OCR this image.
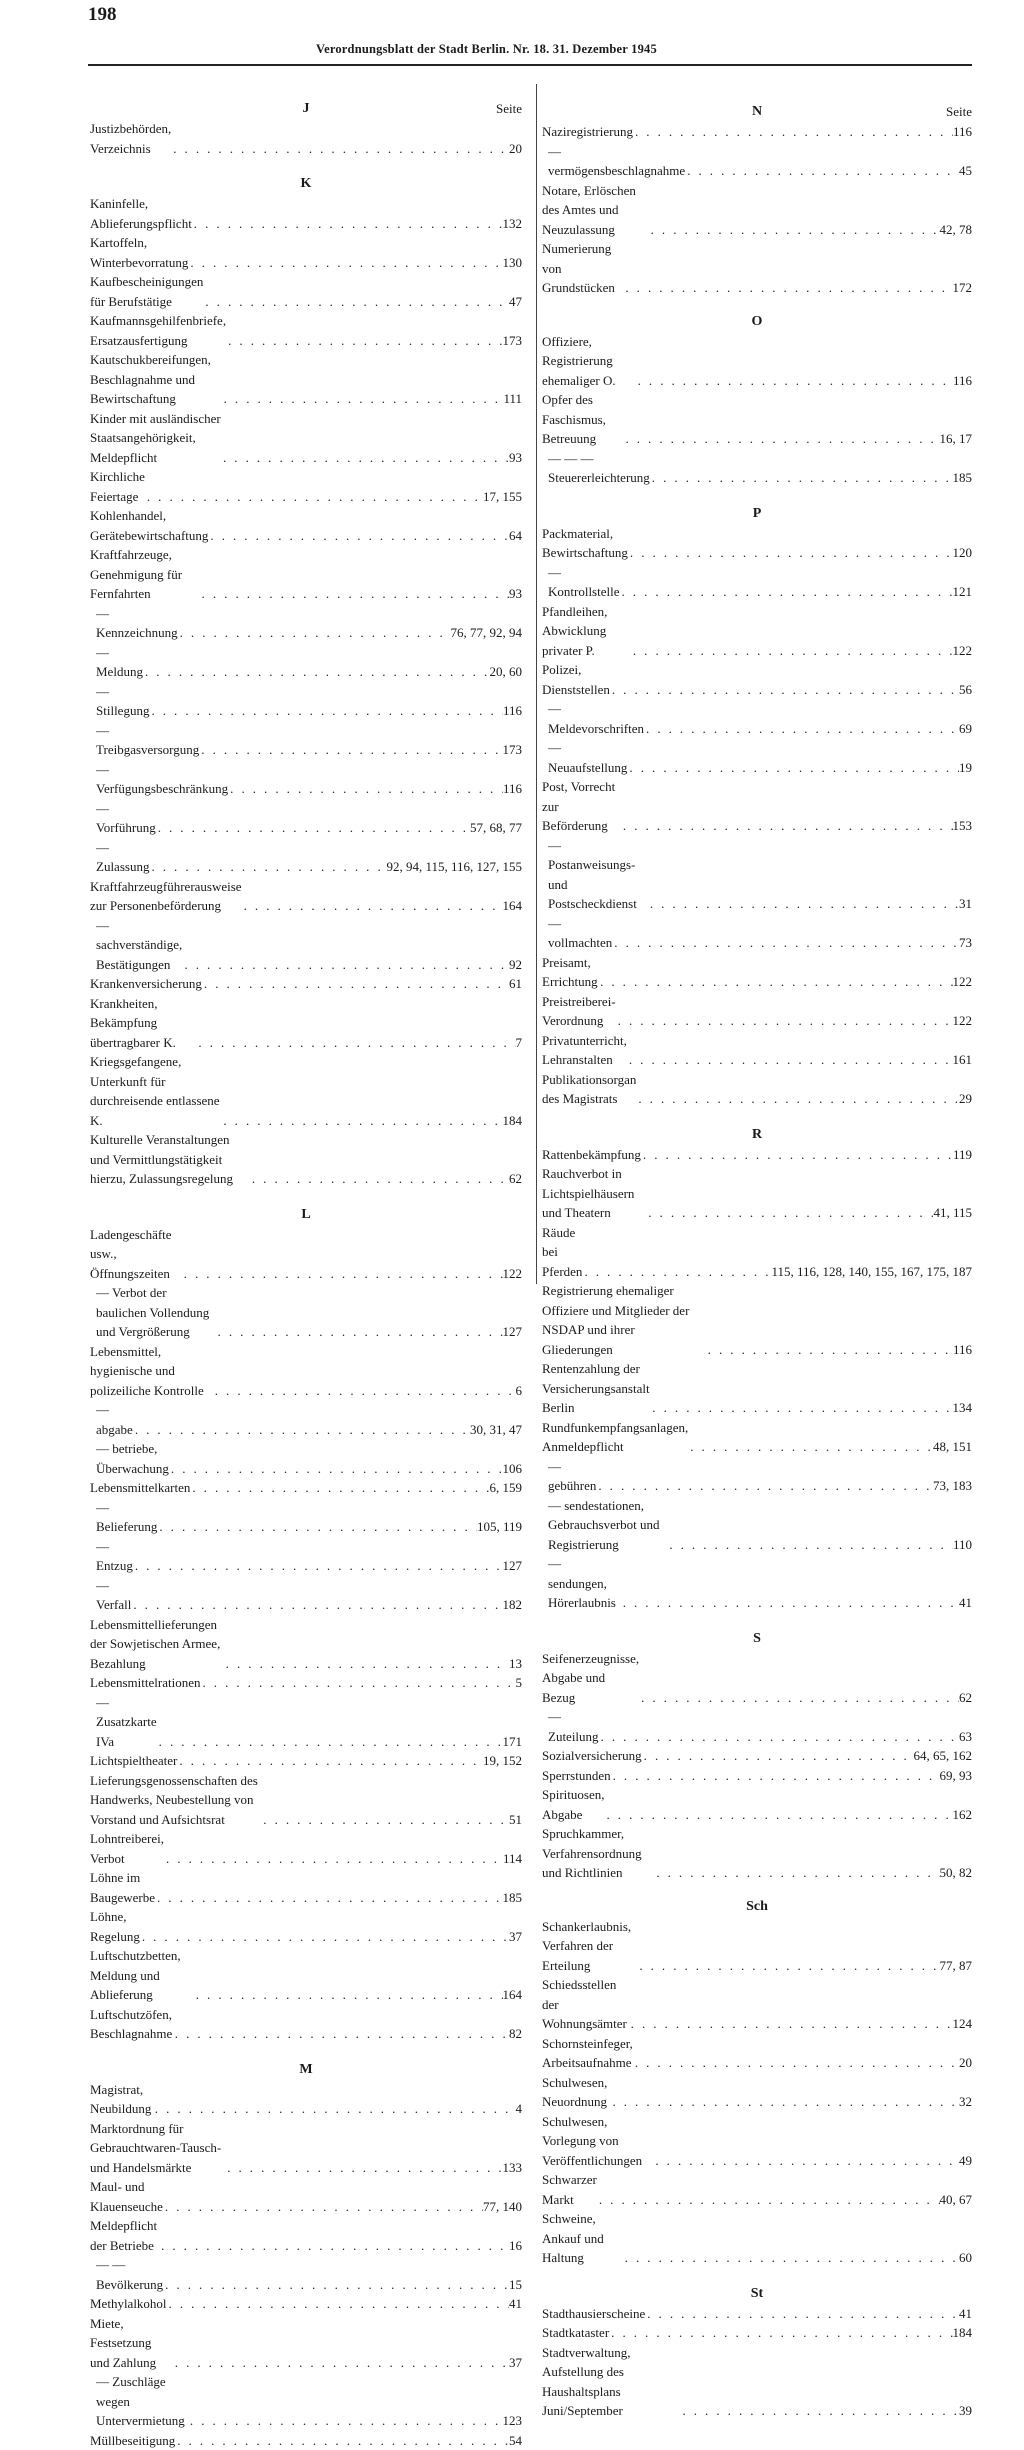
198
Verordnungsblatt der Stadt Berlin. Nr. 18. 31. Dezember 1945
J	Seite
Justizbehörden, Verzeichnis . . .	20
K
Kaninfelle, Ablieferungspflicht . . .	132
Kartoffeln, Winterbevorratung . . .	130
Kaufbescheinigungen für Berufstätige . . .	47
Kaufmannsgehilfenbriefe, Ersatzausfertigung . . .	173
Kautschukbereifungen, Beschlagnahme und Bewirtschaftung . . .	111
Kinder mit ausländischer Staatsangehörigkeit, Meldepflicht . . .	93
Kirchliche Feiertage . . .	17, 155
Kohlenhandel, Gerätebewirtschaftung . . .	64
Kraftfahrzeuge, Genehmigung für Fernfahrten . . .	93
— Kennzeichnung . . .	76, 77, 92, 94
— Meldung . . .	20, 60
— Stillegung . . .	116
— Treibgasversorgung . . .	173
— Verfügungsbeschränkung . . .	116
— Vorführung . . .	57, 68, 77
— Zulassung . . .	92, 94, 115, 116, 127, 155
Kraftfahrzeugführerausweise zur Personenbeförderung . . .	164
— sachverständige, Bestätigungen . . .	92
Krankenversicherung . . .	61
Krankheiten, Bekämpfung übertragbarer K. . . .	7
Kriegsgefangene, Unterkunft für durchreisende entlassene K. . . .	184
Kulturelle Veranstaltungen und Vermittlungstätigkeit hierzu, Zulassungsregelung . . .	62
L
Ladengeschäfte usw., Öffnungszeiten . . .	122
— Verbot der baulichen Vollendung und Vergrößerung . . .	127
Lebensmittel, hygienische und polizeiliche Kontrolle . . .	6
— abgabe . . .	30, 31, 47
— betriebe, Überwachung . . .	106
Lebensmittelkarten . . .	6, 159
— Belieferung . . .	105, 119
— Entzug . . .	127
— Verfall . . .	182
Lebensmittellieferungen der Sowjetischen Armee, Bezahlung . . .	13
Lebensmittelrationen . . .	5
— Zusatzkarte IVa . . .	171
Lichtspieltheater . . .	19, 152
Lieferungsgenossenschaften des Handwerks, Neubestellung von Vorstand und Aufsichtsrat . . .	51
Lohntreiberei, Verbot . . .	114
Löhne im Baugewerbe . . .	185
Löhne, Regelung . . .	37
Luftschutzbetten, Meldung und Ablieferung . . .	164
Luftschutzöfen, Beschlagnahme . . .	82
M
Magistrat, Neubildung . . .	4
Marktordnung für Gebrauchtwaren-Tausch- und Handelsmärkte . . .	133
Maul- und Klauenseuche . . .	77, 140
Meldepflicht der Betriebe . . .	16
— — Bevölkerung . . .	15
Methylalkohol . . .	41
Miete, Festsetzung und Zahlung . . .	37
— Zuschläge wegen Untervermietung . . .	123
Müllbeseitigung . . .	54
N	Seite
Naziregistrierung . . .	116
— vermögensbeschlagnahme . . .	45
Notare, Erlöschen des Amtes und Neuzulassung . . .	42, 78
Numerierung von Grundstücken . . .	172
O
Offiziere, Registrierung ehemaliger O. . . .	116
Opfer des Faschismus, Betreuung . . .	16, 17
— — — Steuererleichterung . . .	185
P
Packmaterial, Bewirtschaftung . . .	120
— Kontrollstelle . . .	121
Pfandleihen, Abwicklung privater P. . . .	122
Polizei, Dienststellen . . .	56
— Meldevorschriften . . .	69
— Neuaufstellung . . .	19
Post, Vorrecht zur Beförderung . . .	153
— Postanweisungs- und Postscheckdienst . . .	31
— vollmachten . . .	73
Preisamt, Errichtung . . .	122
Preistreiberei-Verordnung . . .	122
Privatunterricht, Lehranstalten . . .	161
Publikationsorgan des Magistrats . . .	29
R
Rattenbekämpfung . . .	119
Rauchverbot in Lichtspielhäusern und Theatern . . .	41, 115
Räude bei Pferden . . .	115, 116, 128, 140, 155, 167, 175, 187
Registrierung ehemaliger Offiziere und Mitglieder der NSDAP und ihrer Gliederungen . . .	116
Rentenzahlung der Versicherungsanstalt Berlin . . .	134
Rundfunkempfangsanlagen, Anmeldepflicht . . .	48, 151
— gebühren . . .	73, 183
— sendestationen, Gebrauchsverbot und Registrierung . . .	110
— sendungen, Hörerlaubnis . . .	41
S
Seifenerzeugnisse, Abgabe und Bezug . . .	62
— Zuteilung . . .	63
Sozialversicherung . . .	64, 65, 162
Sperrstunden . . .	69, 93
Spirituosen, Abgabe . . .	162
Spruchkammer, Verfahrensordnung und Richtlinien . . .	50, 82
Sch
Schankerlaubnis, Verfahren der Erteilung . . .	77, 87
Schiedsstellen der Wohnungsämter . . .	124
Schornsteinfeger, Arbeitsaufnahme . . .	20
Schulwesen, Neuordnung . . .	32
Schulwesen, Vorlegung von Veröffentlichungen . . .	49
Schwarzer Markt . . .	40, 67
Schweine, Ankauf und Haltung . . .	60
St
Stadthausierscheine . . .	41
Stadtkataster . . .	184
Stadtverwaltung, Aufstellung des Haushaltsplans Juni/September . . .	39
